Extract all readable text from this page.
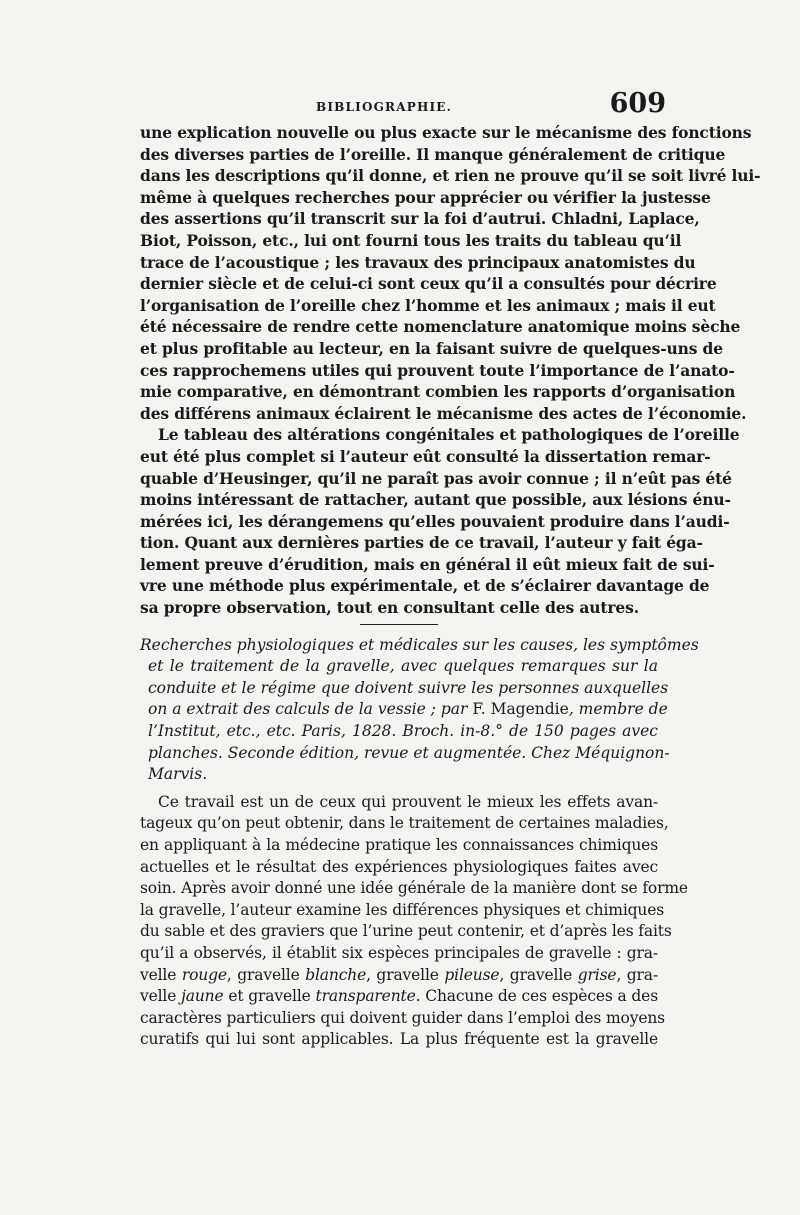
BIBLIOGRAPHIE.	609
une explication nouvelle ou plus exacte sur le mécanisme des fonctions
des diverses parties de l’oreille. Il manque généralement de critique
dans les descriptions qu’il donne, et rien ne prouve qu’il se soit livré lui-
même à quelques recherches pour apprécier ou vérifier la justesse
des assertions qu’il transcrit sur la foi d’autrui. Chladni, Laplace,
Biot, Poisson, etc., lui ont fourni tous les traits du tableau qu’il
trace de l’acoustique ; les travaux des principaux anatomistes du
dernier siècle et de celui-ci sont ceux qu’il a consultés pour décrire
l’organisation de l’oreille chez l’homme et les animaux ; mais il eut
été nécessaire de rendre cette nomenclature anatomique moins sèche
et plus profitable au lecteur, en la faisant suivre de quelques-uns de
ces rapprochemens utiles qui prouvent toute l’importance de l’anato-
mie comparative, en démontrant combien les rapports d’organisation
des différens animaux éclairent le mécanisme des actes de l’économie.
Le tableau des altérations congénitales et pathologiques de l’oreille
eut été plus complet si l’auteur eût consulté la dissertation remar-
quable d’Heusinger, qu’il ne paraît pas avoir connue ; il n’eût pas été
moins intéressant de rattacher, autant que possible, aux lésions énu-
mérées ici, les dérangemens qu’elles pouvaient produire dans l’audi-
tion. Quant aux dernières parties de ce travail, l’auteur y fait éga-
lement preuve d’érudition, mais en général il eût mieux fait de sui-
vre une méthode plus expérimentale, et de s’éclairer davantage de
sa propre observation, tout en consultant celle des autres.
Recherches physiologiques et médicales sur les causes, les symptômes
et le traitement de la gravelle, avec quelques remarques sur la
conduite et le régime que doivent suivre les personnes auxquelles
on a extrait des calculs de la vessie ; par F. Magendie, membre de
l’Institut, etc., etc. Paris, 1828. Broch. in-8.° de 150 pages avec
planches. Seconde édition, revue et augmentée. Chez Méquignon-
Marvis.
Ce travail est un de ceux qui prouvent le mieux les effets avan-
tageux qu’on peut obtenir, dans le traitement de certaines maladies,
en appliquant à la médecine pratique les connaissances chimiques
actuelles et le résultat des expériences physiologiques faites avec
soin. Après avoir donné une idée générale de la manière dont se forme
la gravelle, l’auteur examine les différences physiques et chimiques
du sable et des graviers que l’urine peut contenir, et d’après les faits
qu’il a observés, il établit six espèces principales de gravelle : gra-
velle rouge, gravelle blanche, gravelle pileuse, gravelle grise, gra-
velle jaune et gravelle transparente. Chacune de ces espèces a des
caractères particuliers qui doivent guider dans l’emploi des moyens
curatifs qui lui sont applicables. La plus fréquente est la gravelle
